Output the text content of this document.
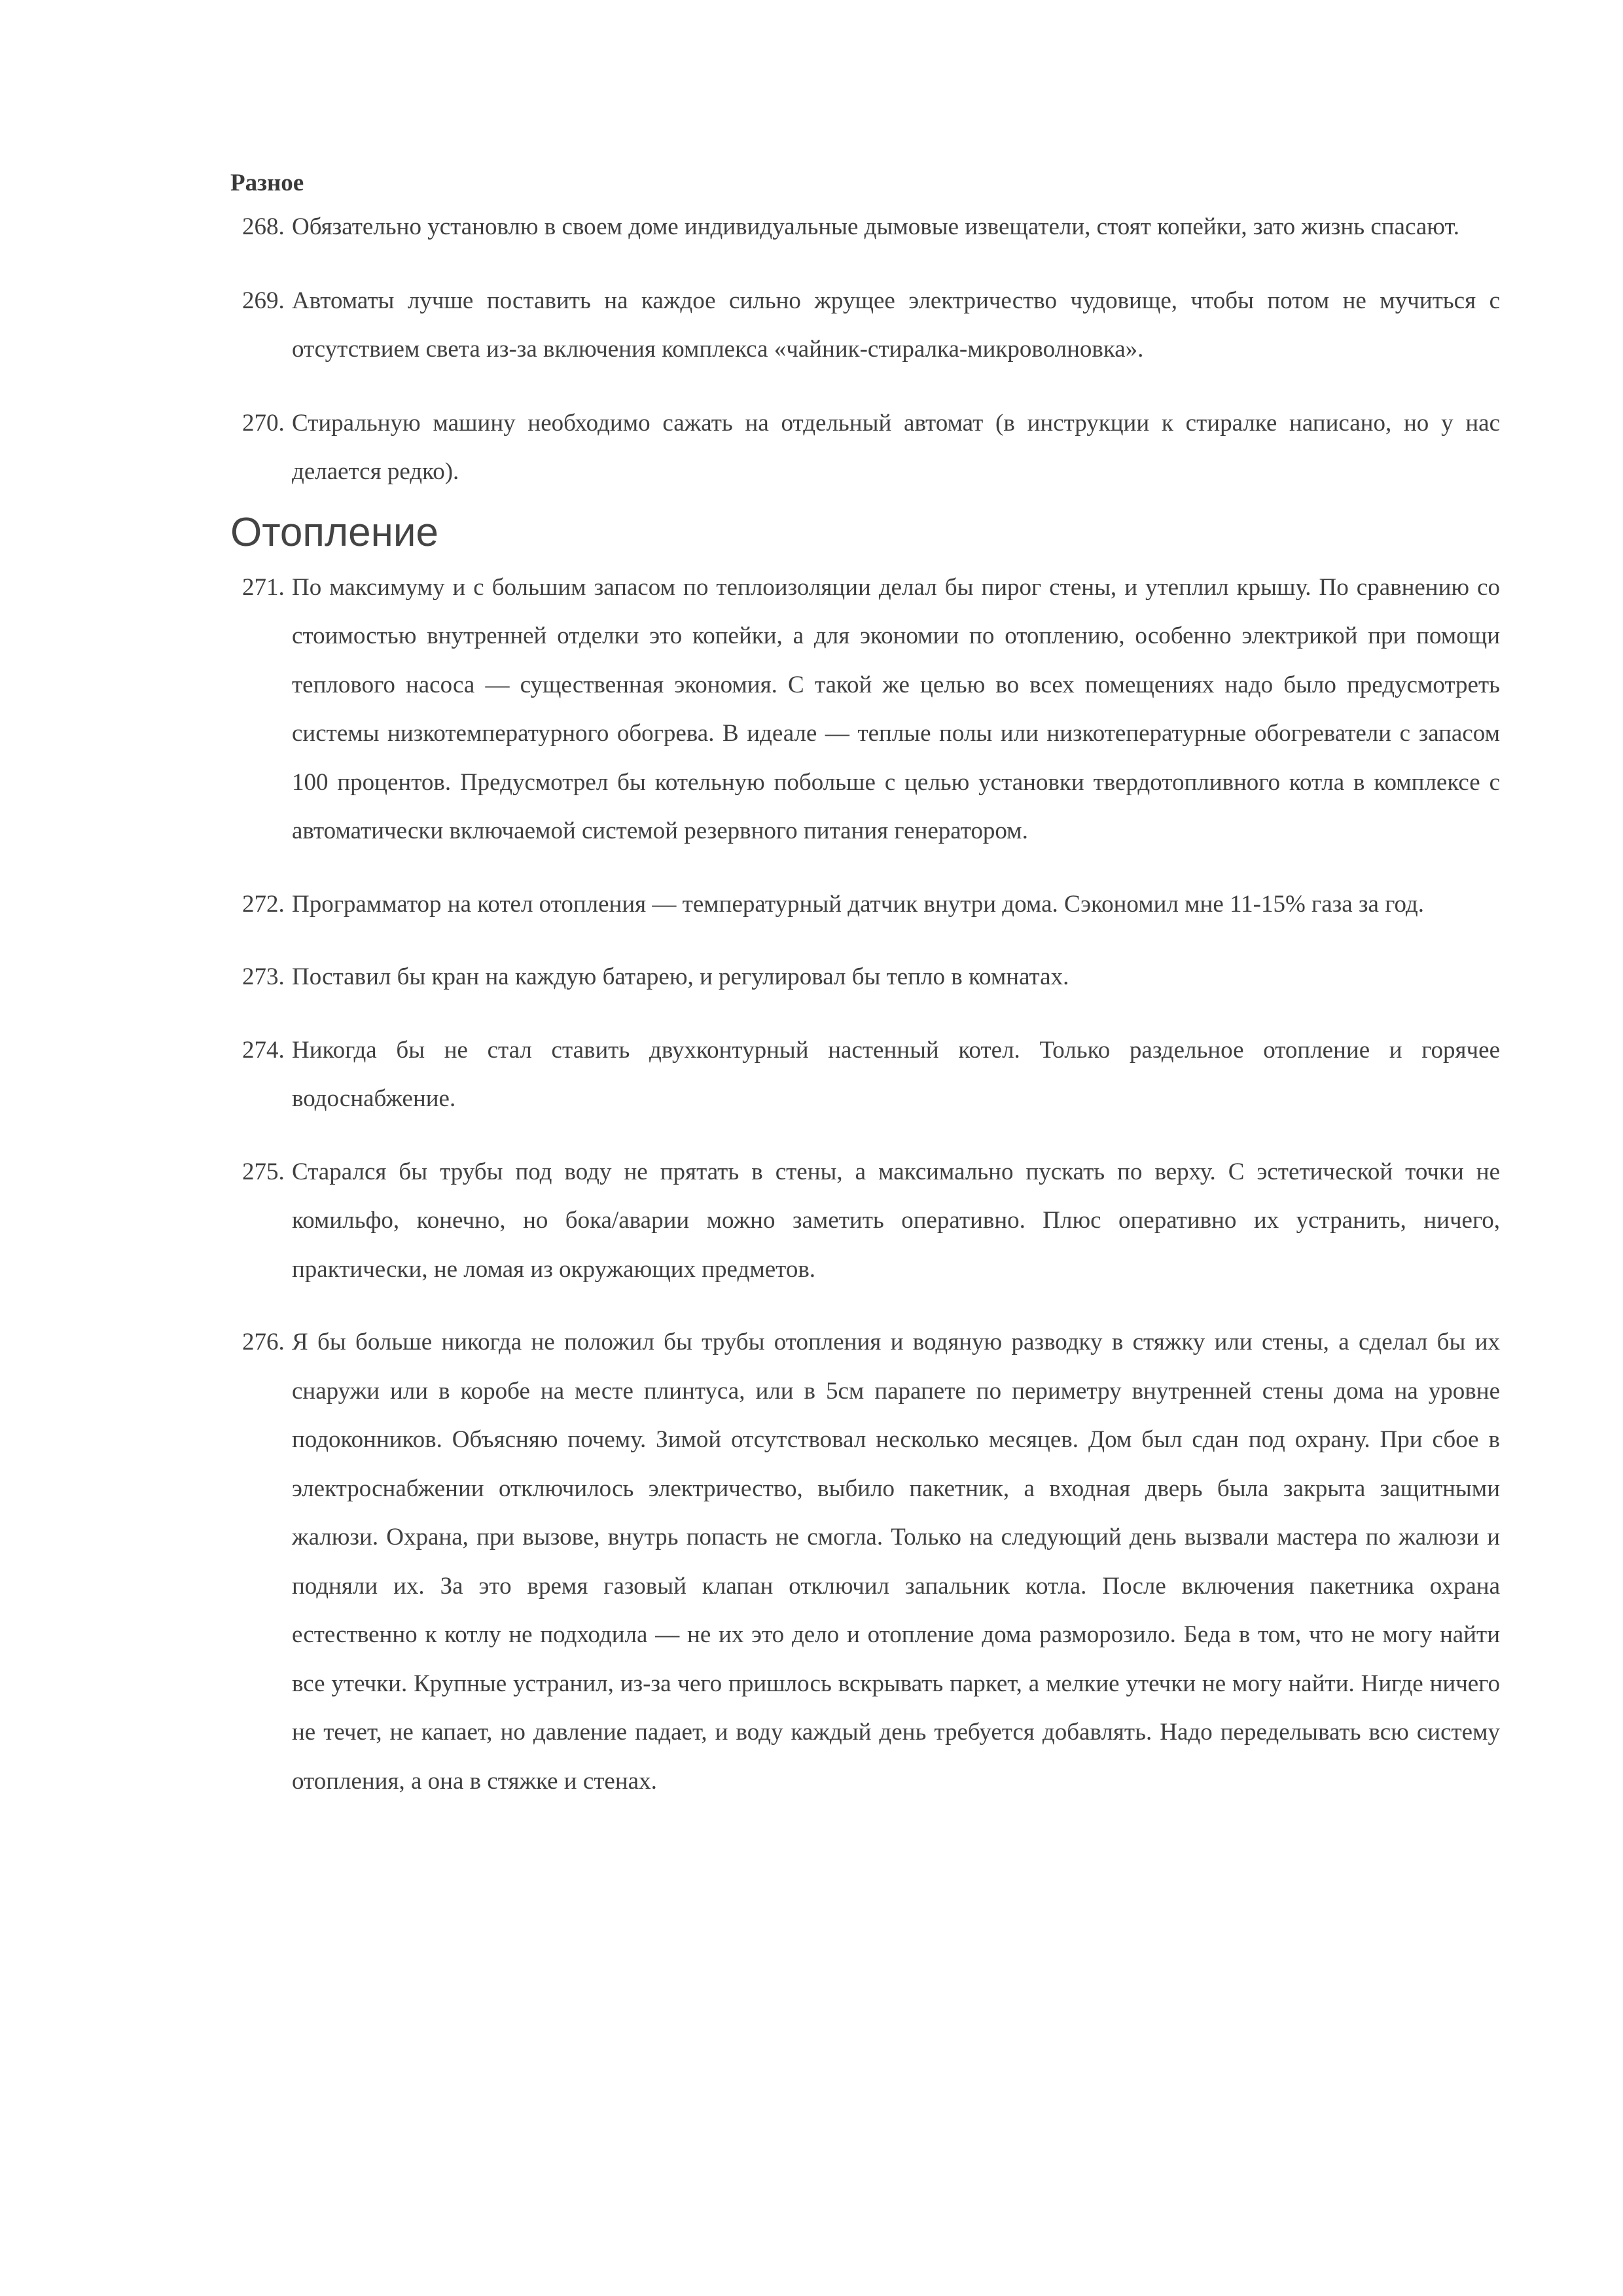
Разное
268. Обязательно установлю в своем доме индивидуальные дымовые извещатели, стоят копейки, зато жизнь спасают.
269. Автоматы лучше поставить на каждое сильно жрущее электричество чудовище, чтобы потом не мучиться с отсутствием света из-за включения комплекса «чайник-стиралка-микроволновка».
270. Стиральную машину необходимо сажать на отдельный автомат (в инструкции к стиралке написано, но у нас делается редко).
Отопление
271. По максимуму и с большим запасом по теплоизоляции делал бы пирог стены, и утеплил крышу. По сравнению со стоимостью внутренней отделки это копейки, а для экономии по отоплению, особенно электрикой при помощи теплового насоса — существенная экономия. С такой же целью во всех помещениях надо было предусмотреть системы низкотемпературного обогрева. В идеале — теплые полы или низкотепературные обогреватели с запасом 100 процентов. Предусмотрел бы котельную побольше с целью установки твердотопливного котла в комплексе с автоматически включаемой системой резервного питания генератором.
272. Программатор на котел отопления — температурный датчик внутри дома. Сэкономил мне 11-15% газа за год.
273. Поставил бы кран на каждую батарею, и регулировал бы тепло в комнатах.
274. Никогда бы не стал ставить двухконтурный настенный котел. Только раздельное отопление и горячее водоснабжение.
275. Старался бы трубы под воду не прятать в стены, а максимально пускать по верху. С эстетической точки не комильфо, конечно, но бока/аварии можно заметить оперативно. Плюс оперативно их устранить, ничего, практически, не ломая из окружающих предметов.
276. Я бы больше никогда не положил бы трубы отопления и водяную разводку в стяжку или стены, а сделал бы их снаружи или в коробе на месте плинтуса, или в 5см парапете по периметру внутренней стены дома на уровне подоконников. Объясняю почему. Зимой отсутствовал несколько месяцев. Дом был сдан под охрану. При сбое в электроснабжении отключилось электричество, выбило пакетник, а входная дверь была закрыта защитными жалюзи. Охрана, при вызове, внутрь попасть не смогла. Только на следующий день вызвали мастера по жалюзи и подняли их. За это время газовый клапан отключил запальник котла. После включения пакетника охрана естественно к котлу не подходила — не их это дело и отопление дома разморозило. Беда в том, что не могу найти все утечки. Крупные устранил, из-за чего пришлось вскрывать паркет, а мелкие утечки не могу найти. Нигде ничего не течет, не капает, но давление падает, и воду каждый день требуется добавлять. Надо переделывать всю систему отопления, а она в стяжке и стенах.
